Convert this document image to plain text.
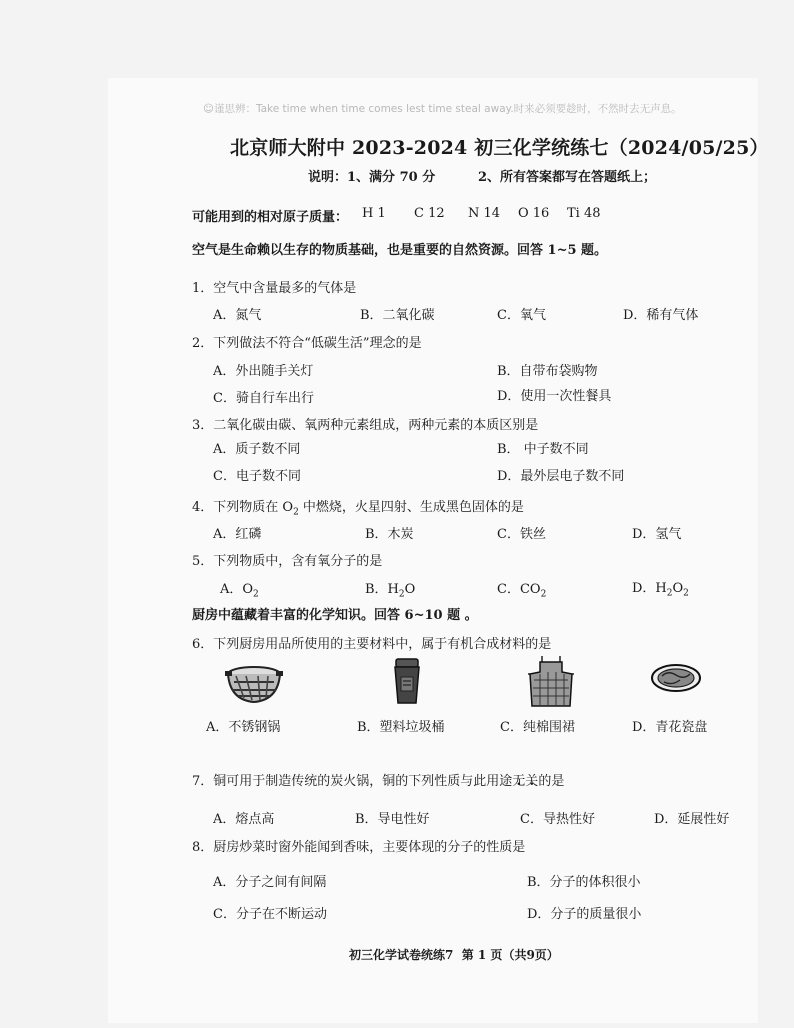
☺谨思辨：Take time when time comes lest time steal away.时来必须要趁时，不然时去无声息。
北京师大附中 2023-2024 初三化学统练七（2024/05/25）
说明：1、满分 70 分	2、所有答案都写在答题纸上；
可能用到的相对原子质量： H 1 C 12 N 14 O 16 Ti 48
空气是生命赖以生存的物质基础，也是重要的自然资源。回答 1~5 题。
1．空气中含量最多的气体是
A．氮气	B．二氧化碳	C．氧气	D．稀有气体
2．下列做法不符合“低碳生活”理念的是
A．外出随手关灯	B．自带布袋购物
C．骑自行车出行	D．使用一次性餐具
3．二氧化碳由碳、氧两种元素组成，两种元素的本质区别是
A．质子数不同	B． 中子数不同
C．电子数不同	D．最外层电子数不同
4．下列物质在 $O_2$ 中燃烧，火星四射、生成黑色固体的是
A．红磷	B．木炭	C．铁丝	D．氢气
5．下列物质中，含有氧分子的是
A．$O_2$	B．$H_2O$	C．$CO_2$	D．$H_2O_2$
厨房中蕴藏着丰富的化学知识。回答 6~10 题 。
6．下列厨房用品所使用的主要材料中，属于有机合成材料的是
A．不锈钢锅	B．塑料垃圾桶	C．纯棉围裙	D．青花瓷盘
7．铜可用于制造传统的炭火锅，铜的下列性质与此用途无关的是
A．熔点高	B．导电性好	C．导热性好	D．延展性好
8．厨房炒菜时窗外能闻到香味，主要体现的分子的性质是
A．分子之间有间隔	B．分子的体积很小
C．分子在不断运动	D．分子的质量很小
初三化学试卷统练7 第 1 页（共9页）
